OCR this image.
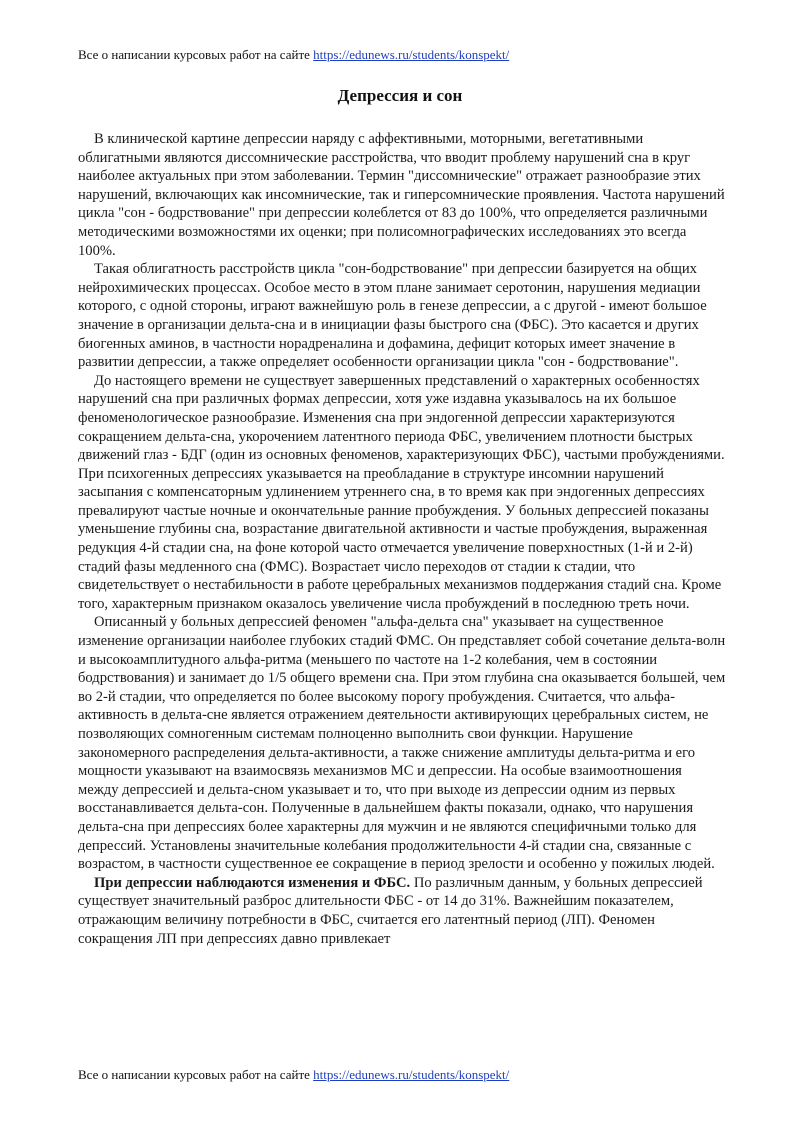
Все о написании курсовых работ на сайте https://edunews.ru/students/konspekt/
Депрессия и сон

В клинической картине депрессии наряду с аффективными, моторными, вегетативными облигатными являются диссомнические расстройства, что вводит проблему нарушений сна в круг наиболее актуальных при этом заболевании. Термин "диссомнические" отражает разнообразие этих нарушений, включающих как инсомнические, так и гиперсомнические проявления. Частота нарушений цикла "сон - бодрствование" при депрессии колеблется от 83 до 100%, что определяется различными методическими возможностями их оценки; при полисомнографических исследованиях это всегда 100%.

Такая облигатность расстройств цикла "сон-бодрствование" при депрессии базируется на общих нейрохимических процессах. Особое место в этом плане занимает серотонин, нарушения медиации которого, с одной стороны, играют важнейшую роль в генезе депрессии, а с другой - имеют большое значение в организации дельта-сна и в инициации фазы быстрого сна (ФБС). Это касается и других биогенных аминов, в частности норадреналина и дофамина, дефицит которых имеет значение в развитии депрессии, а также определяет особенности организации цикла "сон - бодрствование".

До настоящего времени не существует завершенных представлений о характерных особенностях нарушений сна при различных формах депрессии, хотя уже издавна указывалось на их большое феноменологическое разнообразие. Изменения сна при эндогенной депрессии характеризуются сокращением дельта-сна, укорочением латентного периода ФБС, увеличением плотности быстрых движений глаз - БДГ (один из основных феноменов, характеризующих ФБС), частыми пробуждениями. При психогенных депрессиях указывается на преобладание в структуре инсомнии нарушений засыпания с компенсаторным удлинением утреннего сна, в то время как при эндогенных депрессиях превалируют частые ночные и окончательные ранние пробуждения. У больных депрессией показаны уменьшение глубины сна, возрастание двигательной активности и частые пробуждения, выраженная редукция 4-й стадии сна, на фоне которой часто отмечается увеличение поверхностных (1-й и 2-й) стадий фазы медленного сна (ФМС). Возрастает число переходов от стадии к стадии, что свидетельствует о нестабильности в работе церебральных механизмов поддержания стадий сна. Кроме того, характерным признаком оказалось увеличение числа пробуждений в последнюю треть ночи.

Описанный у больных депрессией феномен "альфа-дельта сна" указывает на существенное изменение организации наиболее глубоких стадий ФМС. Он представляет собой сочетание дельта-волн и высокоамплитудного альфа-ритма (меньшего по частоте на 1-2 колебания, чем в состоянии бодрствования) и занимает до 1/5 общего времени сна. При этом глубина сна оказывается большей, чем во 2-й стадии, что определяется по более высокому порогу пробуждения. Считается, что альфа-активность в дельта-сне является отражением деятельности активирующих церебральных систем, не позволяющих сомногенным системам полноценно выполнить свои функции. Нарушение закономерного распределения дельта-активности, а также снижение амплитуды дельта-ритма и его мощности указывают на взаимосвязь механизмов МС и депрессии. На особые взаимоотношения между депрессией и дельта-сном указывает и то, что при выходе из депрессии одним из первых восстанавливается дельта-сон. Полученные в дальнейшем факты показали, однако, что нарушения дельта-сна при депрессиях более характерны для мужчин и не являются специфичными только для депрессий. Установлены значительные колебания продолжительности 4-й стадии сна, связанные с возрастом, в частности существенное ее сокращение в период зрелости и особенно у пожилых людей.

При депрессии наблюдаются изменения и ФБС. По различным данным, у больных депрессией существует значительный разброс длительности ФБС - от 14 до 31%. Важнейшим показателем, отражающим величину потребности в ФБС, считается его латентный период (ЛП). Феномен сокращения ЛП при депрессиях давно привлекает

Все о написании курсовых работ на сайте https://edunews.ru/students/konspekt/
